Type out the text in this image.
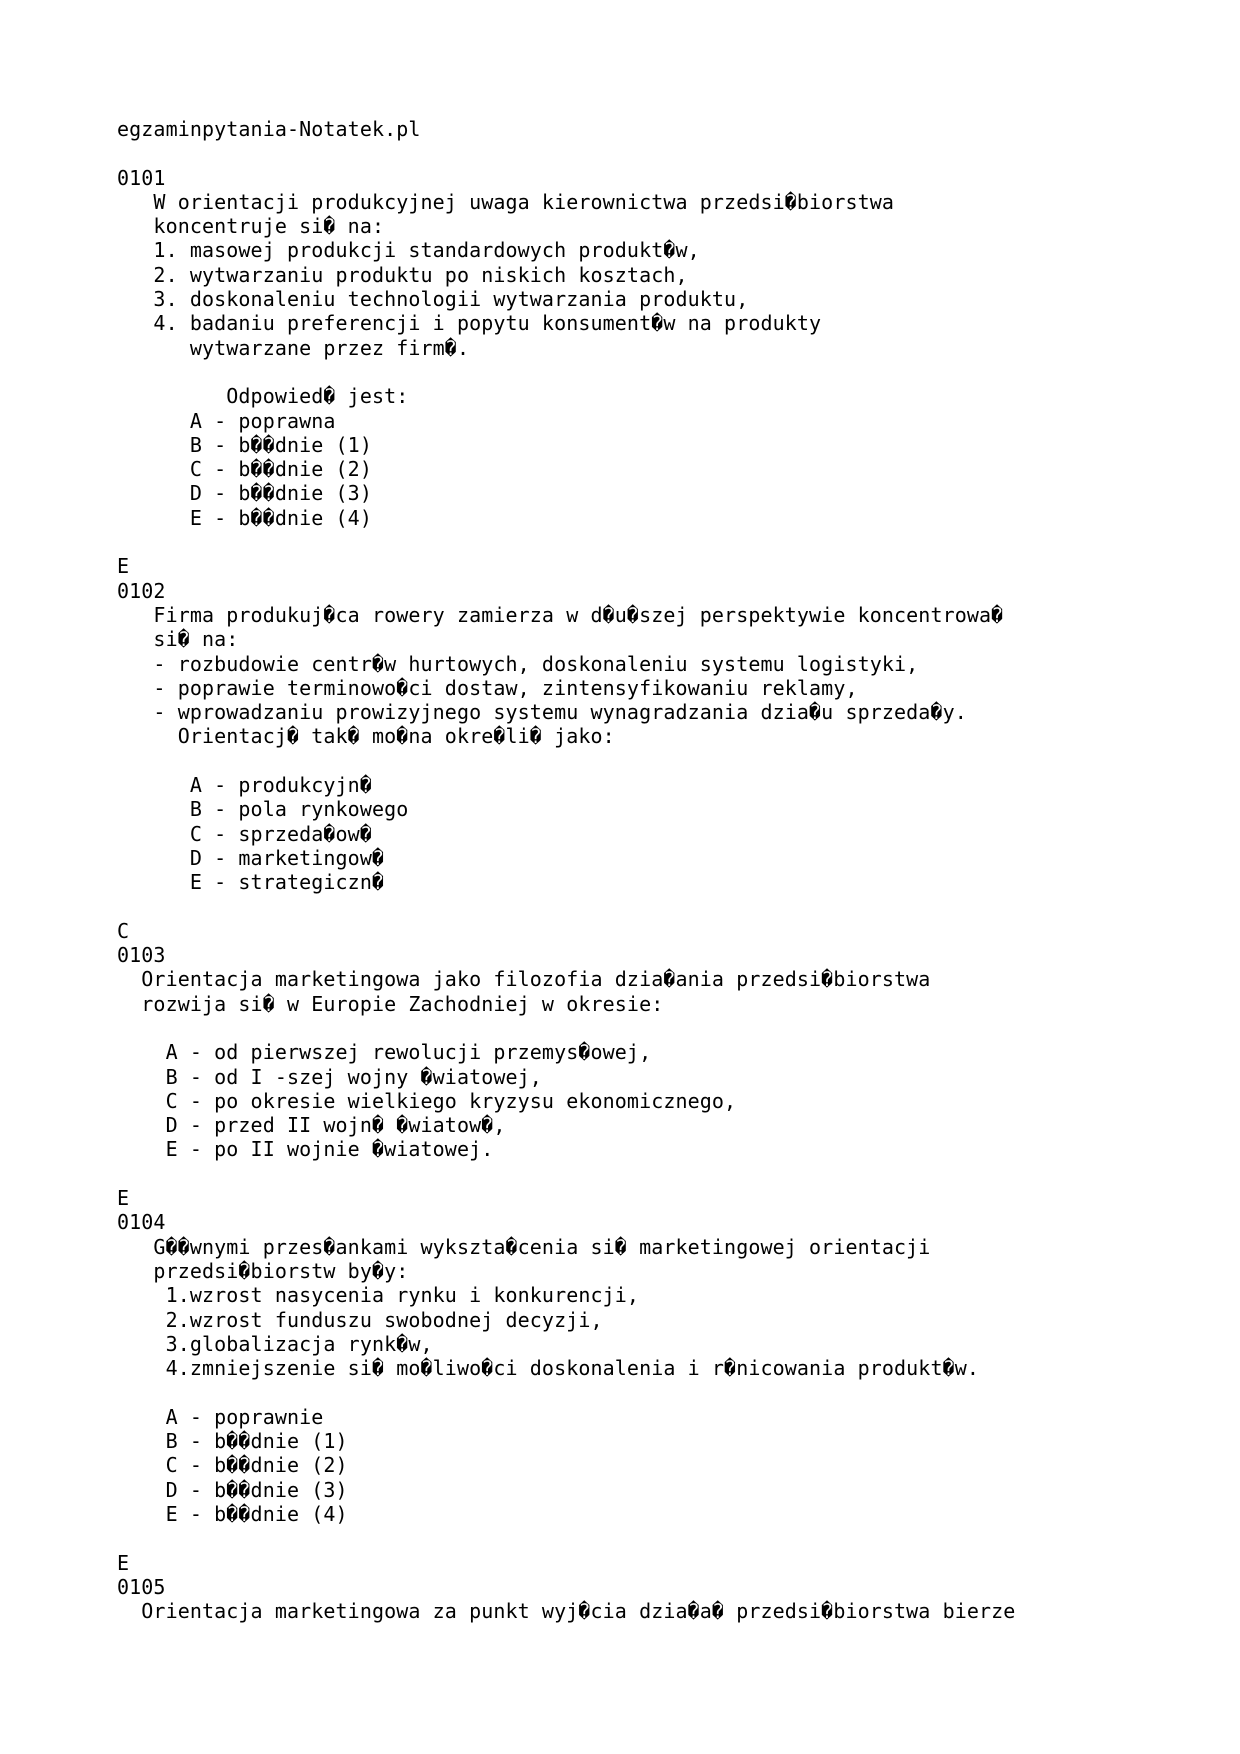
egzaminpytania-Notatek.pl
0101
W orientacji produkcyjnej uwaga kierownictwa przedsi�biorstwa
koncentruje si� na:
1. masowej produkcji standardowych produkt�w,
2. wytwarzaniu produktu po niskich kosztach,
3. doskonaleniu technologii wytwarzania produktu,
4. badaniu preferencji i popytu konsument�w na produkty
wytwarzane przez firm�.
Odpowied� jest:
A - poprawna
B - b��dnie (1)
C - b��dnie (2)
D - b��dnie (3)
E - b��dnie (4)
E
0102
Firma produkuj�ca rowery zamierza w d�u�szej perspektywie koncentrowa�
si� na:
- rozbudowie centr�w hurtowych, doskonaleniu systemu logistyki,
- poprawie terminowo�ci dostaw, zintensyfikowaniu reklamy,
- wprowadzaniu prowizyjnego systemu wynagradzania dzia�u sprzeda�y.
Orientacj� tak� mo�na okre�li� jako:
A - produkcyjn�
B - pola rynkowego
C - sprzeda�ow�
D - marketingow�
E - strategiczn�
C
0103
Orientacja marketingowa jako filozofia dzia�ania przedsi�biorstwa
rozwija si� w Europie Zachodniej w okresie:
A - od pierwszej rewolucji przemys�owej,
B - od I -szej wojny �wiatowej,
C - po okresie wielkiego kryzysu ekonomicznego,
D - przed II wojn� �wiatow�,
E - po II wojnie �wiatowej.
E
0104
G��wnymi przes�ankami wykszta�cenia si� marketingowej orientacji
przedsi�biorstw by�y:
1.wzrost nasycenia rynku i konkurencji,
2.wzrost funduszu swobodnej decyzji,
3.globalizacja rynk�w,
4.zmniejszenie si� mo�liwo�ci doskonalenia i r�nicowania produkt�w.
A - poprawnie
B - b��dnie (1)
C - b��dnie (2)
D - b��dnie (3)
E - b��dnie (4)
E
0105
Orientacja marketingowa za punkt wyj�cia dzia�a� przedsi�biorstwa bierze
